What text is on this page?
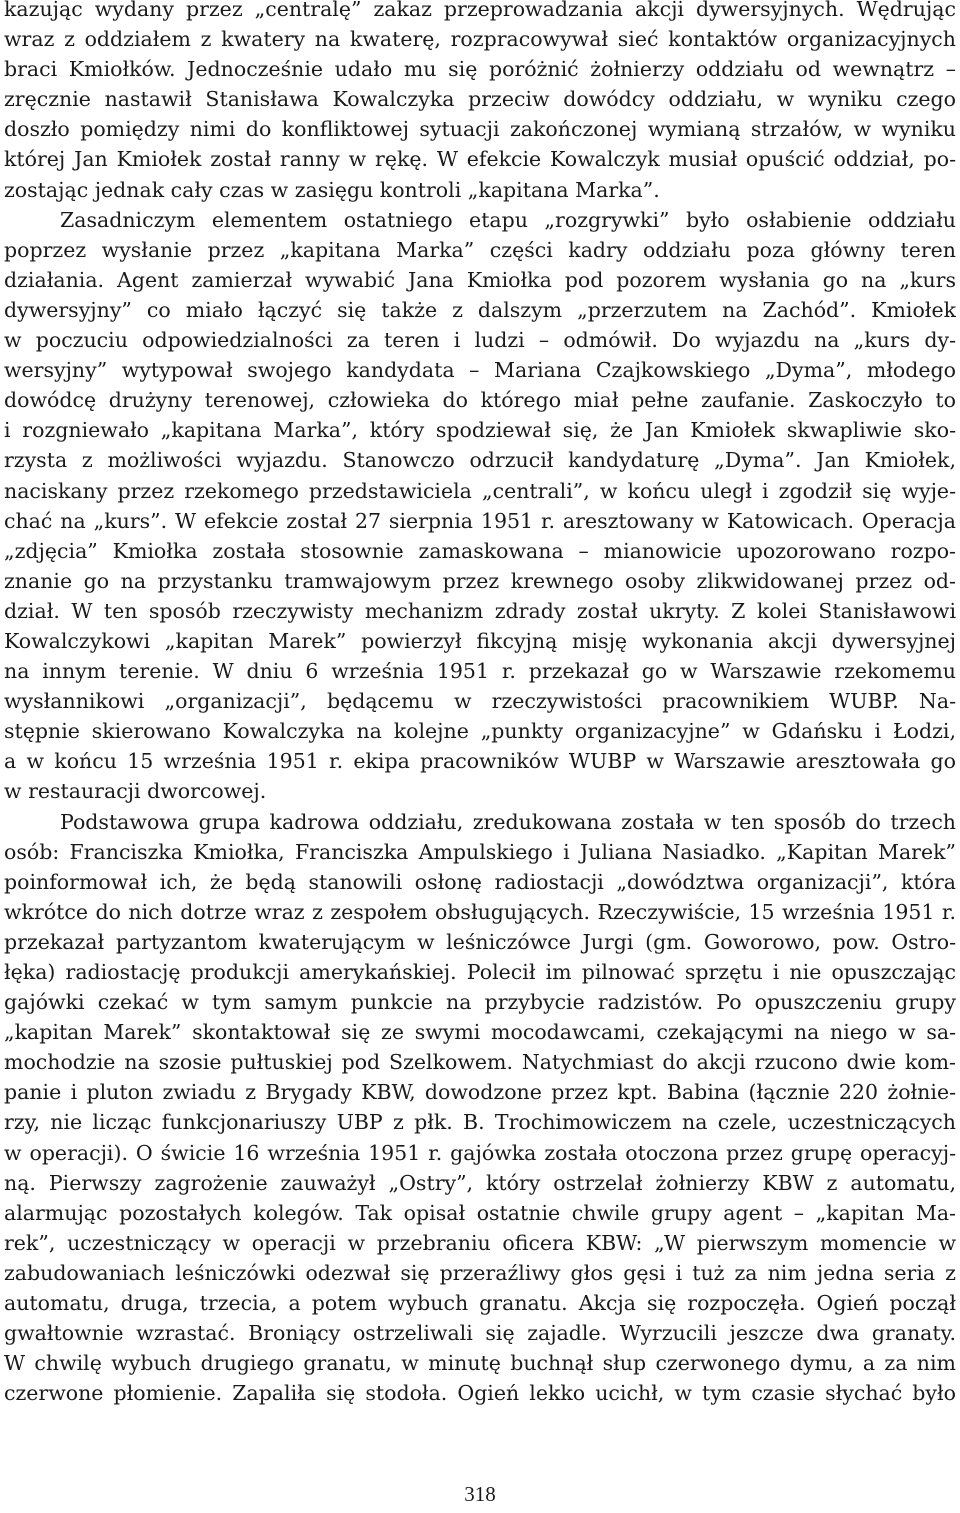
kazując wydany przez „centralę” zakaz przeprowadzania akcji dywersyjnych. Wędrując
wraz z oddziałem z kwatery na kwaterę, rozpracowywał sieć kontaktów organizacyjnych
braci Kmiołków. Jednocześnie udało mu się poróżnić żołnierzy oddziału od wewnątrz –
zręcznie nastawił Stanisława Kowalczyka przeciw dowódcy oddziału, w wyniku czego
doszło pomiędzy nimi do konfliktowej sytuacji zakończonej wymianą strzałów, w wyniku
której Jan Kmiołek został ranny w rękę. W efekcie Kowalczyk musiał opuścić oddział, po-
zostając jednak cały czas w zasięgu kontroli „kapitana Marka”.
Zasadniczym elementem ostatniego etapu „rozgrywki” było osłabienie oddziału
poprzez wysłanie przez „kapitana Marka” części kadry oddziału poza główny teren
działania. Agent zamierzał wywabić Jana Kmiołka pod pozorem wysłania go na „kurs
dywersyjny” co miało łączyć się także z dalszym „przerzutem na Zachód”. Kmiołek
w poczuciu odpowiedzialności za teren i ludzi – odmówił. Do wyjazdu na „kurs dy-
wersyjny” wytypował swojego kandydata – Mariana Czajkowskiego „Dyma”, młodego
dowódcę drużyny terenowej, człowieka do którego miał pełne zaufanie. Zaskoczyło to
i rozgniewało „kapitana Marka”, który spodziewał się, że Jan Kmiołek skwapliwie sko-
rzysta z możliwości wyjazdu. Stanowczo odrzucił kandydaturę „Dyma”. Jan Kmiołek,
naciskany przez rzekomego przedstawiciela „centrali”, w końcu uległ i zgodził się wyje-
chać na „kurs”. W efekcie został 27 sierpnia 1951 r. aresztowany w Katowicach. Operacja
„zdjęcia” Kmiołka została stosownie zamaskowana – mianowicie upozorowano rozpo-
znanie go na przystanku tramwajowym przez krewnego osoby zlikwidowanej przez od-
dział. W ten sposób rzeczywisty mechanizm zdrady został ukryty. Z kolei Stanisławowi
Kowalczykowi „kapitan Marek” powierzył fikcyjną misję wykonania akcji dywersyjnej
na innym terenie. W dniu 6 września 1951 r. przekazał go w Warszawie rzekomemu
wysłannikowi „organizacji”, będącemu w rzeczywistości pracownikiem WUBP. Na-
stępnie skierowano Kowalczyka na kolejne „punkty organizacyjne” w Gdańsku i Łodzi,
a w końcu 15 września 1951 r. ekipa pracowników WUBP w Warszawie aresztowała go
w restauracji dworcowej.
Podstawowa grupa kadrowa oddziału, zredukowana została w ten sposób do trzech
osób: Franciszka Kmiołka, Franciszka Ampulskiego i Juliana Nasiadko. „Kapitan Marek”
poinformował ich, że będą stanowili osłonę radiostacji „dowództwa organizacji”, która
wkrótce do nich dotrze wraz z zespołem obsługujących. Rzeczywiście, 15 września 1951 r.
przekazał partyzantom kwaterującym w leśniczówce Jurgi (gm. Goworowo, pow. Ostro-
łęka) radiostację produkcji amerykańskiej. Polecił im pilnować sprzętu i nie opuszczając
gajówki czekać w tym samym punkcie na przybycie radzistów. Po opuszczeniu grupy
„kapitan Marek” skontaktował się ze swymi mocodawcami, czekającymi na niego w sa-
mochodzie na szosie pułtuskiej pod Szelkowem. Natychmiast do akcji rzucono dwie kom-
panie i pluton zwiadu z Brygady KBW, dowodzone przez kpt. Babina (łącznie 220 żołnie-
rzy, nie licząc funkcjonariuszy UBP z płk. B. Trochimowiczem na czele, uczestniczących
w operacji). O świcie 16 września 1951 r. gajówka została otoczona przez grupę operacyj-
ną. Pierwszy zagrożenie zauważył „Ostry”, który ostrzelał żołnierzy KBW z automatu,
alarmując pozostałych kolegów. Tak opisał ostatnie chwile grupy agent – „kapitan Ma-
rek”, uczestniczący w operacji w przebraniu oficera KBW: „W pierwszym momencie w
zabudowaniach leśniczówki odezwał się przeraźliwy głos gęsi i tuż za nim jedna seria z
automatu, druga, trzecia, a potem wybuch granatu. Akcja się rozpoczęła. Ogień począł
gwałtownie wzrastać. Broniący ostrzeliwali się zajadle. Wyrzucili jeszcze dwa granaty.
W chwilę wybuch drugiego granatu, w minutę buchnął słup czerwonego dymu, a za nim
czerwone płomienie. Zapaliła się stodoła. Ogień lekko ucichł, w tym czasie słychać było
318
